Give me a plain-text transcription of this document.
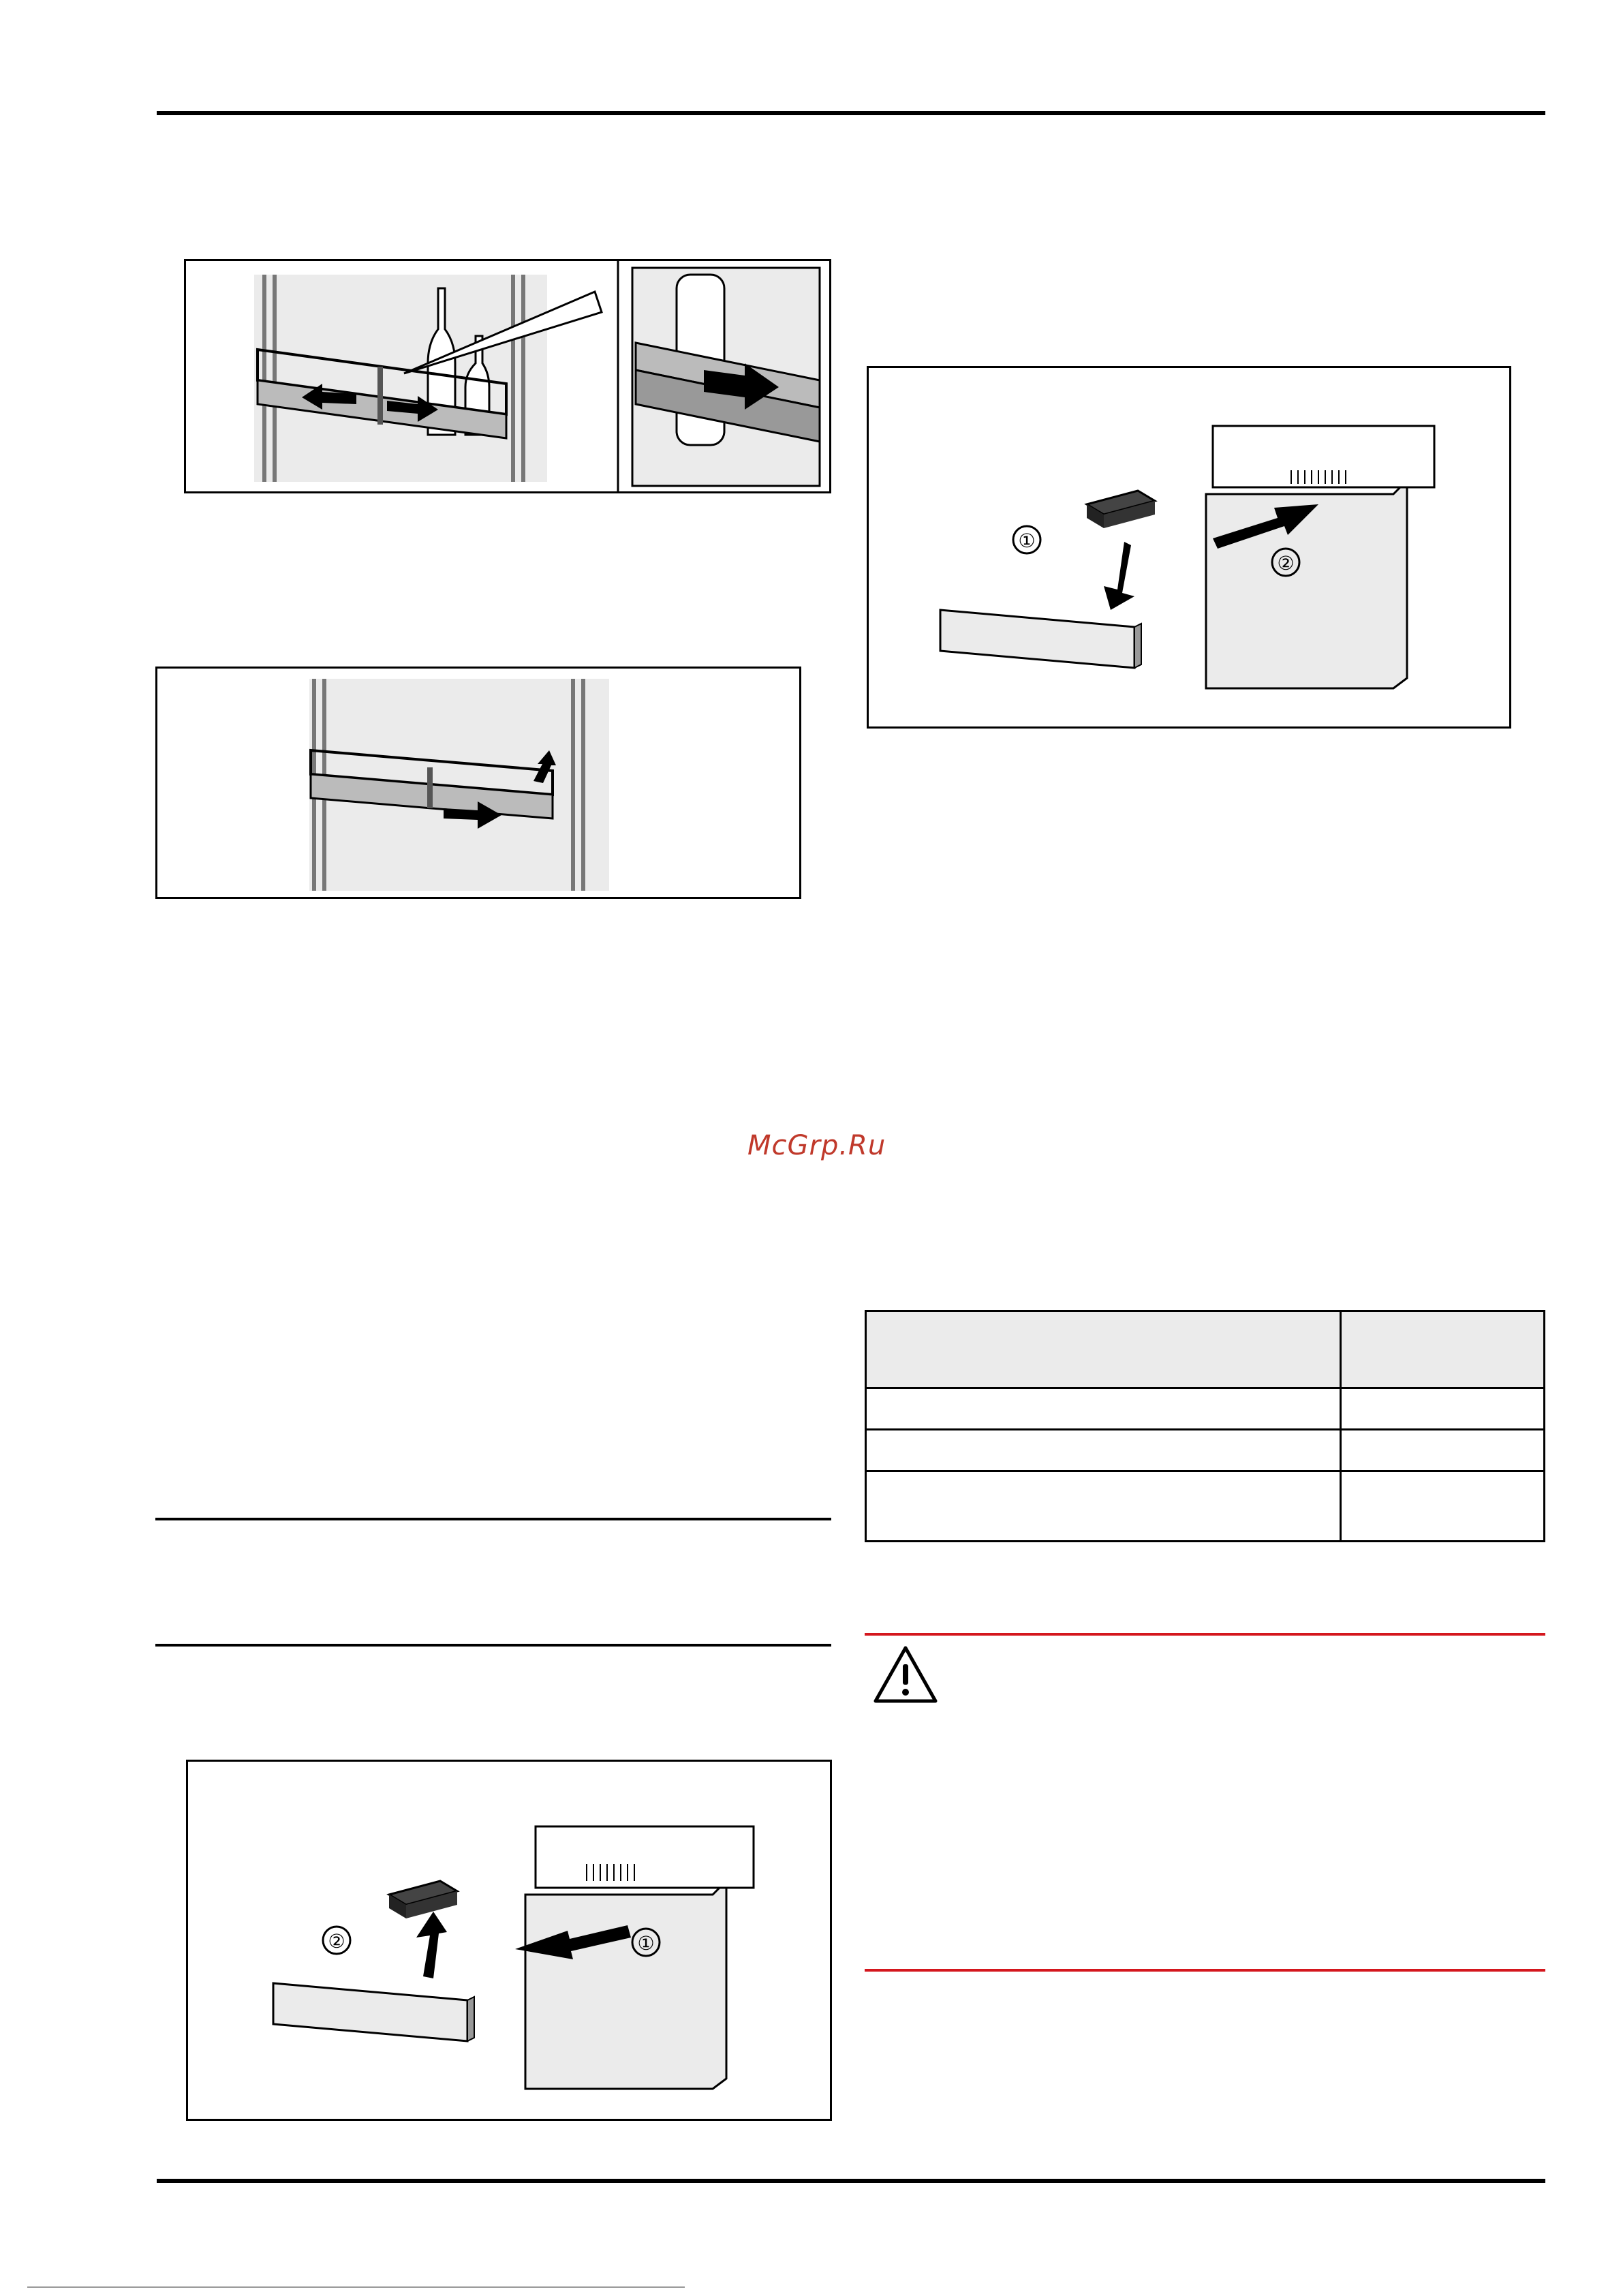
①
②
McGrp.Ru

②	①
